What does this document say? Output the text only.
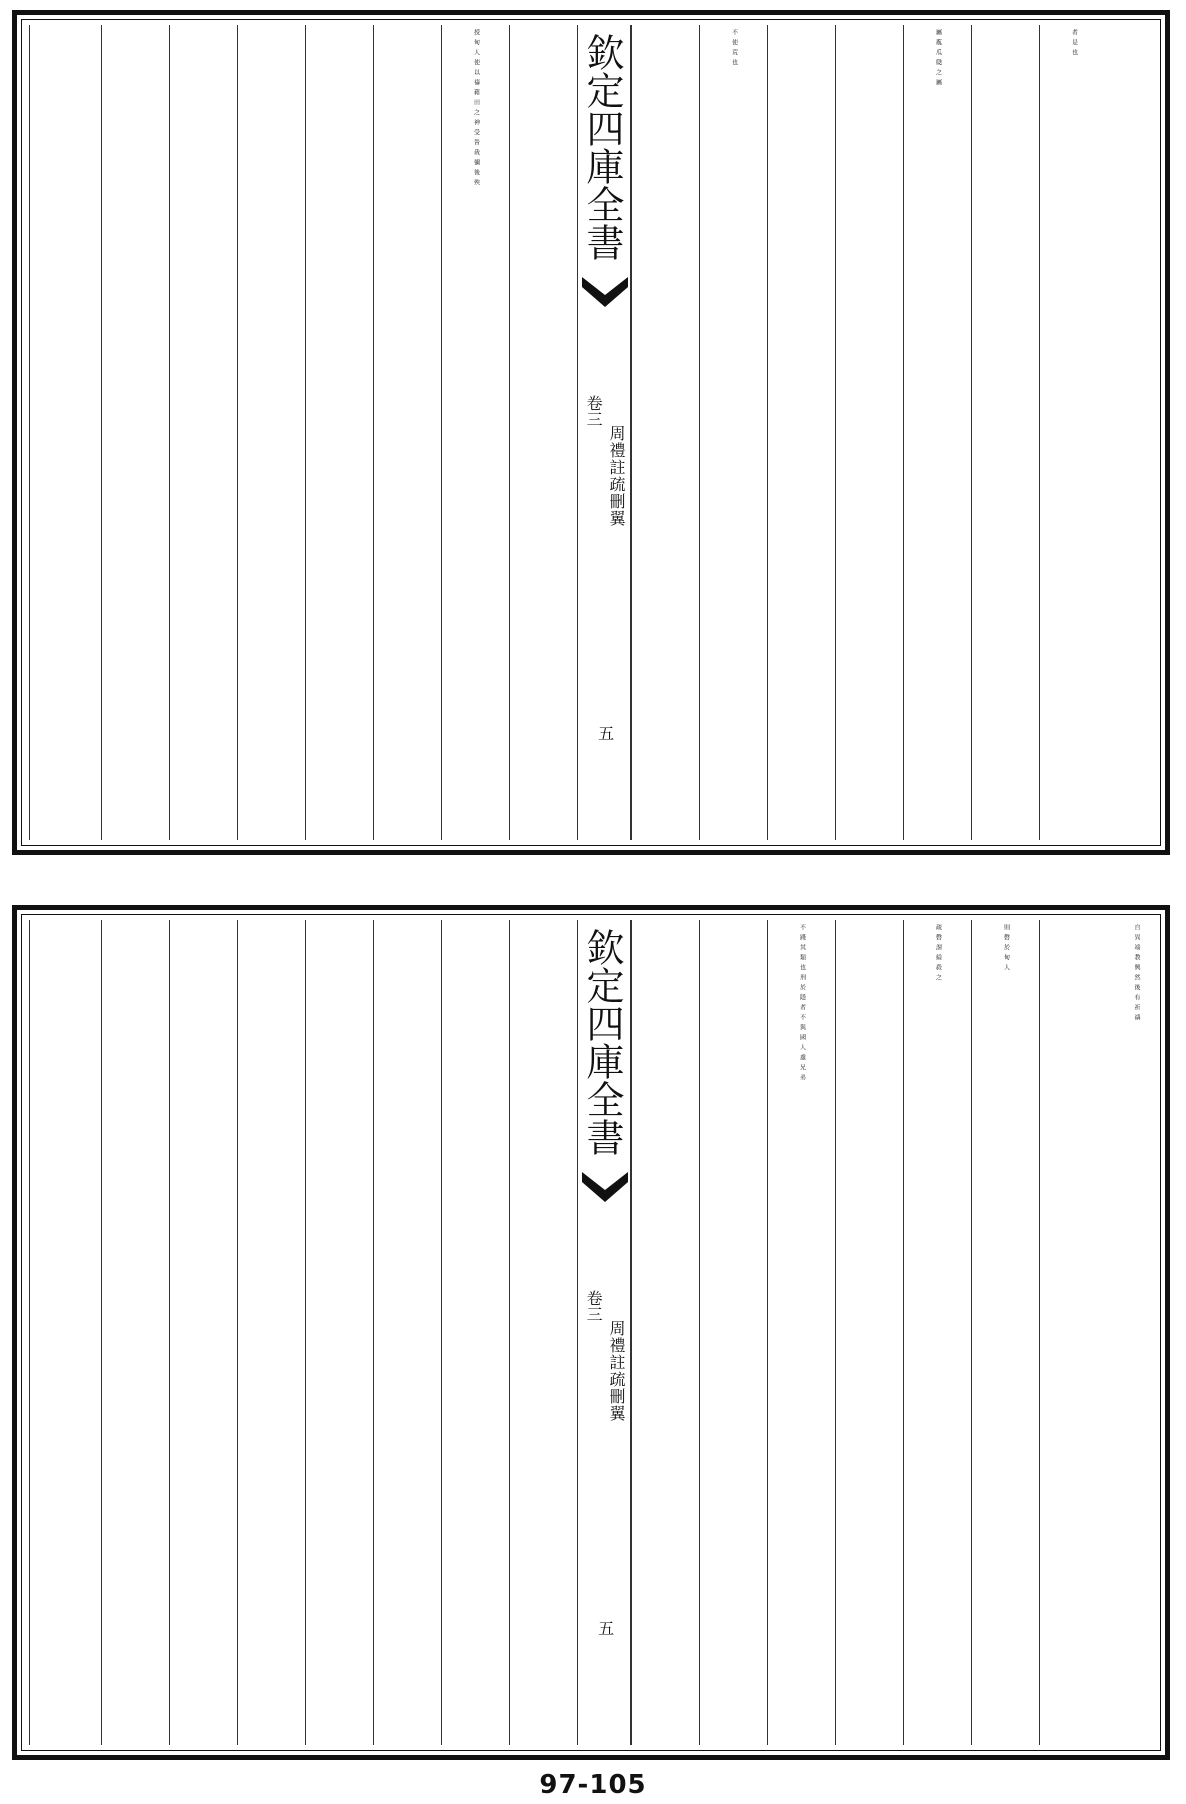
者是也
屬蓏瓜瓞之屬
不使荒也
欽定四庫全書
卷三
周禮註疏刪翼
五
授甸人使以禱藉田之神受眚烖彌後殃
自異端教興然後有祈禱
則磬於甸人
疏磬謂縊殺之
不踐其類也刑於隱者不與國人慮兄弟
欽定四庫全書
卷三
周禮註疏刪翼
五
97-105
